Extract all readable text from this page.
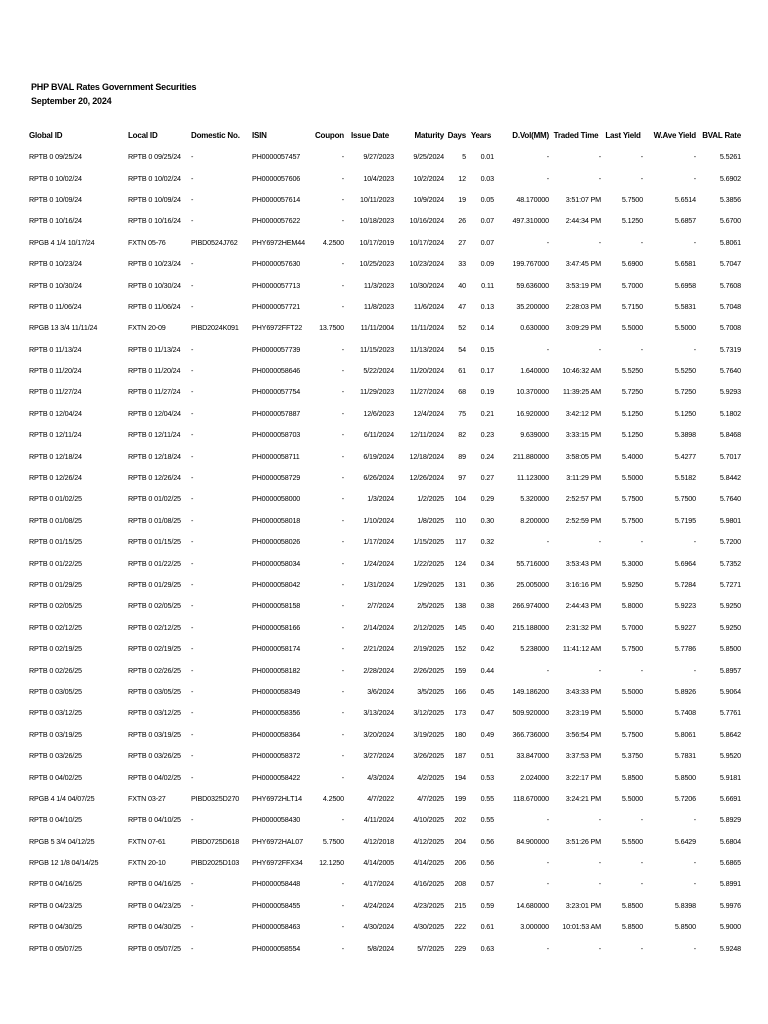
PHP BVAL Rates Government Securities
September 20, 2024
Global ID	Local ID	Domestic No.	ISIN	Coupon	Issue Date	Maturity	Days	Years	D.Vol(MM)	Traded Time	Last Yield	W.Ave Yield	BVAL Rate
RPTB 0 09/25/24	RPTB 0 09/25/24	-	PH0000057457	-	9/27/2023	9/25/2024	5	0.01	-	-	-	-	5.5261
RPTB 0 10/02/24	RPTB 0 10/02/24	-	PH0000057606	-	10/4/2023	10/2/2024	12	0.03	-	-	-	-	5.6902
RPTB 0 10/09/24	RPTB 0 10/09/24	-	PH0000057614	-	10/11/2023	10/9/2024	19	0.05	48.170000	3:51:07 PM	5.7500	5.6514	5.3856
RPTB 0 10/16/24	RPTB 0 10/16/24	-	PH0000057622	-	10/18/2023	10/16/2024	26	0.07	497.310000	2:44:34 PM	5.1250	5.6857	5.6700
RPGB 4 1/4 10/17/24	FXTN 05-76	PIBD0524J762	PHY6972HEM44	4.2500	10/17/2019	10/17/2024	27	0.07	-	-	-	-	5.8061
RPTB 0 10/23/24	RPTB 0 10/23/24	-	PH0000057630	-	10/25/2023	10/23/2024	33	0.09	199.767000	3:47:45 PM	5.6900	5.6581	5.7047
RPTB 0 10/30/24	RPTB 0 10/30/24	-	PH0000057713	-	11/3/2023	10/30/2024	40	0.11	59.636000	3:53:19 PM	5.7000	5.6958	5.7608
RPTB 0 11/06/24	RPTB 0 11/06/24	-	PH0000057721	-	11/8/2023	11/6/2024	47	0.13	35.200000	2:28:03 PM	5.7150	5.5831	5.7048
RPGB 13 3/4 11/11/24	FXTN 20-09	PIBD2024K091	PHY6972FFT22	13.7500	11/11/2004	11/11/2024	52	0.14	0.630000	3:09:29 PM	5.5000	5.5000	5.7008
RPTB 0 11/13/24	RPTB 0 11/13/24	-	PH0000057739	-	11/15/2023	11/13/2024	54	0.15	-	-	-	-	5.7319
RPTB 0 11/20/24	RPTB 0 11/20/24	-	PH0000058646	-	5/22/2024	11/20/2024	61	0.17	1.640000	10:46:32 AM	5.5250	5.5250	5.7640
RPTB 0 11/27/24	RPTB 0 11/27/24	-	PH0000057754	-	11/29/2023	11/27/2024	68	0.19	10.370000	11:39:25 AM	5.7250	5.7250	5.9293
RPTB 0 12/04/24	RPTB 0 12/04/24	-	PH0000057887	-	12/6/2023	12/4/2024	75	0.21	16.920000	3:42:12 PM	5.1250	5.1250	5.1802
RPTB 0 12/11/24	RPTB 0 12/11/24	-	PH0000058703	-	6/11/2024	12/11/2024	82	0.23	9.639000	3:33:15 PM	5.1250	5.3898	5.8468
RPTB 0 12/18/24	RPTB 0 12/18/24	-	PH0000058711	-	6/19/2024	12/18/2024	89	0.24	211.880000	3:58:05 PM	5.4000	5.4277	5.7017
RPTB 0 12/26/24	RPTB 0 12/26/24	-	PH0000058729	-	6/26/2024	12/26/2024	97	0.27	11.123000	3:11:29 PM	5.5000	5.5182	5.8442
RPTB 0 01/02/25	RPTB 0 01/02/25	-	PH0000058000	-	1/3/2024	1/2/2025	104	0.29	5.320000	2:52:57 PM	5.7500	5.7500	5.7640
RPTB 0 01/08/25	RPTB 0 01/08/25	-	PH0000058018	-	1/10/2024	1/8/2025	110	0.30	8.200000	2:52:59 PM	5.7500	5.7195	5.9801
RPTB 0 01/15/25	RPTB 0 01/15/25	-	PH0000058026	-	1/17/2024	1/15/2025	117	0.32	-	-	-	-	5.7200
RPTB 0 01/22/25	RPTB 0 01/22/25	-	PH0000058034	-	1/24/2024	1/22/2025	124	0.34	55.716000	3:53:43 PM	5.3000	5.6964	5.7352
RPTB 0 01/29/25	RPTB 0 01/29/25	-	PH0000058042	-	1/31/2024	1/29/2025	131	0.36	25.005000	3:16:16 PM	5.9250	5.7284	5.7271
RPTB 0 02/05/25	RPTB 0 02/05/25	-	PH0000058158	-	2/7/2024	2/5/2025	138	0.38	266.974000	2:44:43 PM	5.8000	5.9223	5.9250
RPTB 0 02/12/25	RPTB 0 02/12/25	-	PH0000058166	-	2/14/2024	2/12/2025	145	0.40	215.188000	2:31:32 PM	5.7000	5.9227	5.9250
RPTB 0 02/19/25	RPTB 0 02/19/25	-	PH0000058174	-	2/21/2024	2/19/2025	152	0.42	5.238000	11:41:12 AM	5.7500	5.7786	5.8500
RPTB 0 02/26/25	RPTB 0 02/26/25	-	PH0000058182	-	2/28/2024	2/26/2025	159	0.44	-	-	-	-	5.8957
RPTB 0 03/05/25	RPTB 0 03/05/25	-	PH0000058349	-	3/6/2024	3/5/2025	166	0.45	149.186200	3:43:33 PM	5.5000	5.8926	5.9064
RPTB 0 03/12/25	RPTB 0 03/12/25	-	PH0000058356	-	3/13/2024	3/12/2025	173	0.47	509.920000	3:23:19 PM	5.5000	5.7408	5.7761
RPTB 0 03/19/25	RPTB 0 03/19/25	-	PH0000058364	-	3/20/2024	3/19/2025	180	0.49	366.736000	3:56:54 PM	5.7500	5.8061	5.8642
RPTB 0 03/26/25	RPTB 0 03/26/25	-	PH0000058372	-	3/27/2024	3/26/2025	187	0.51	33.847000	3:37:53 PM	5.3750	5.7831	5.9520
RPTB 0 04/02/25	RPTB 0 04/02/25	-	PH0000058422	-	4/3/2024	4/2/2025	194	0.53	2.024000	3:22:17 PM	5.8500	5.8500	5.9181
RPGB 4 1/4 04/07/25	FXTN 03-27	PIBD0325D270	PHY6972HLT14	4.2500	4/7/2022	4/7/2025	199	0.55	118.670000	3:24:21 PM	5.5000	5.7206	5.6691
RPTB 0 04/10/25	RPTB 0 04/10/25	-	PH0000058430	-	4/11/2024	4/10/2025	202	0.55	-	-	-	-	5.8929
RPGB 5 3/4 04/12/25	FXTN 07-61	PIBD0725D618	PHY6972HAL07	5.7500	4/12/2018	4/12/2025	204	0.56	84.900000	3:51:26 PM	5.5500	5.6429	5.6804
RPGB 12 1/8 04/14/25	FXTN 20-10	PIBD2025D103	PHY6972FFX34	12.1250	4/14/2005	4/14/2025	206	0.56	-	-	-	-	5.6865
RPTB 0 04/16/25	RPTB 0 04/16/25	-	PH0000058448	-	4/17/2024	4/16/2025	208	0.57	-	-	-	-	5.8991
RPTB 0 04/23/25	RPTB 0 04/23/25	-	PH0000058455	-	4/24/2024	4/23/2025	215	0.59	14.680000	3:23:01 PM	5.8500	5.8398	5.9976
RPTB 0 04/30/25	RPTB 0 04/30/25	-	PH0000058463	-	4/30/2024	4/30/2025	222	0.61	3.000000	10:01:53 AM	5.8500	5.8500	5.9000
RPTB 0 05/07/25	RPTB 0 05/07/25	-	PH0000058554	-	5/8/2024	5/7/2025	229	0.63	-	-	-	-	5.9248
